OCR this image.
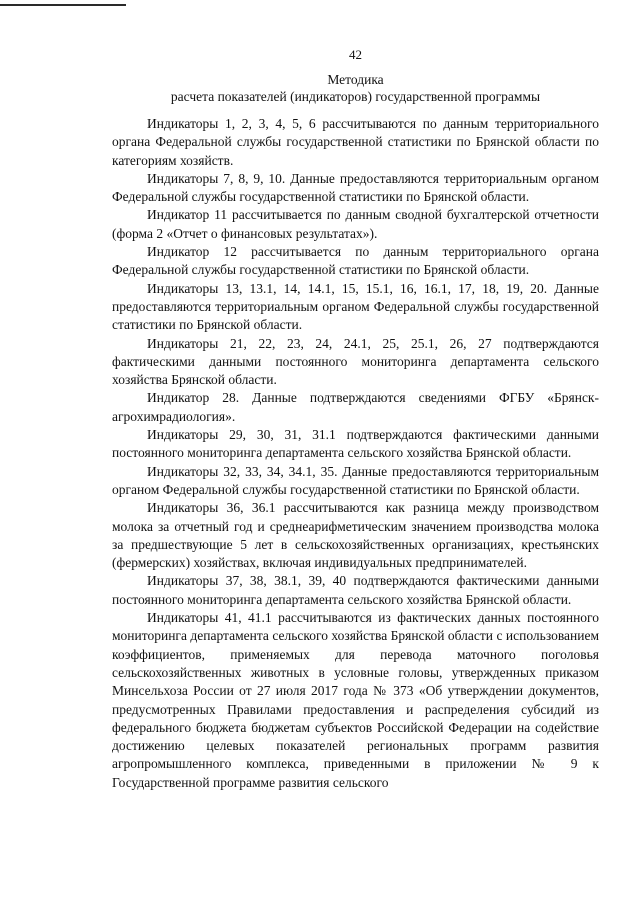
42
Методика
расчета показателей (индикаторов) государственной программы

Индикаторы 1, 2, 3, 4, 5, 6 рассчитываются по данным территориального органа Федеральной службы государственной статистики по Брянской области по категориям хозяйств.

Индикаторы 7, 8, 9, 10. Данные предоставляются территориальным органом Федеральной службы государственной статистики по Брянской области.

Индикатор 11 рассчитывается по данным сводной бухгалтерской отчетности (форма 2 «Отчет о финансовых результатах»).

Индикатор 12 рассчитывается по данным территориального органа Федеральной службы государственной статистики по Брянской области.

Индикаторы 13, 13.1, 14, 14.1, 15, 15.1, 16, 16.1, 17, 18, 19, 20. Данные предоставляются территориальным органом Федеральной службы государственной статистики по Брянской области.

Индикаторы 21, 22, 23, 24, 24.1, 25, 25.1, 26, 27 подтверждаются фактическими данными постоянного мониторинга департамента сельского хозяйства Брянской области.

Индикатор 28. Данные подтверждаются сведениями ФГБУ «Брянскагрохимрадиология».

Индикаторы 29, 30, 31, 31.1 подтверждаются фактическими данными постоянного мониторинга департамента сельского хозяйства Брянской области.

Индикаторы 32, 33, 34, 34.1, 35. Данные предоставляются территориальным органом Федеральной службы государственной статистики по Брянской области.

Индикаторы 36, 36.1 рассчитываются как разница между производством молока за отчетный год и среднеарифметическим значением производства молока за предшествующие 5 лет в сельскохозяйственных организациях, крестьянских (фермерских) хозяйствах, включая индивидуальных предпринимателей.

Индикаторы 37, 38, 38.1, 39, 40 подтверждаются фактическими данными постоянного мониторинга департамента сельского хозяйства Брянской области.

Индикаторы 41, 41.1 рассчитываются из фактических данных постоянного мониторинга департамента сельского хозяйства Брянской области с использованием коэффициентов, применяемых для перевода маточного поголовья сельскохозяйственных животных в условные головы, утвержденных приказом Минсельхоза России от 27 июля 2017 года № 373 «Об утверждении документов, предусмотренных Правилами предоставления и распределения субсидий из федерального бюджета бюджетам субъектов Российской Федерации на содействие достижению целевых показателей региональных программ развития агропромышленного комплекса, приведенными в приложении № 9 к Государственной программе развития сельского
